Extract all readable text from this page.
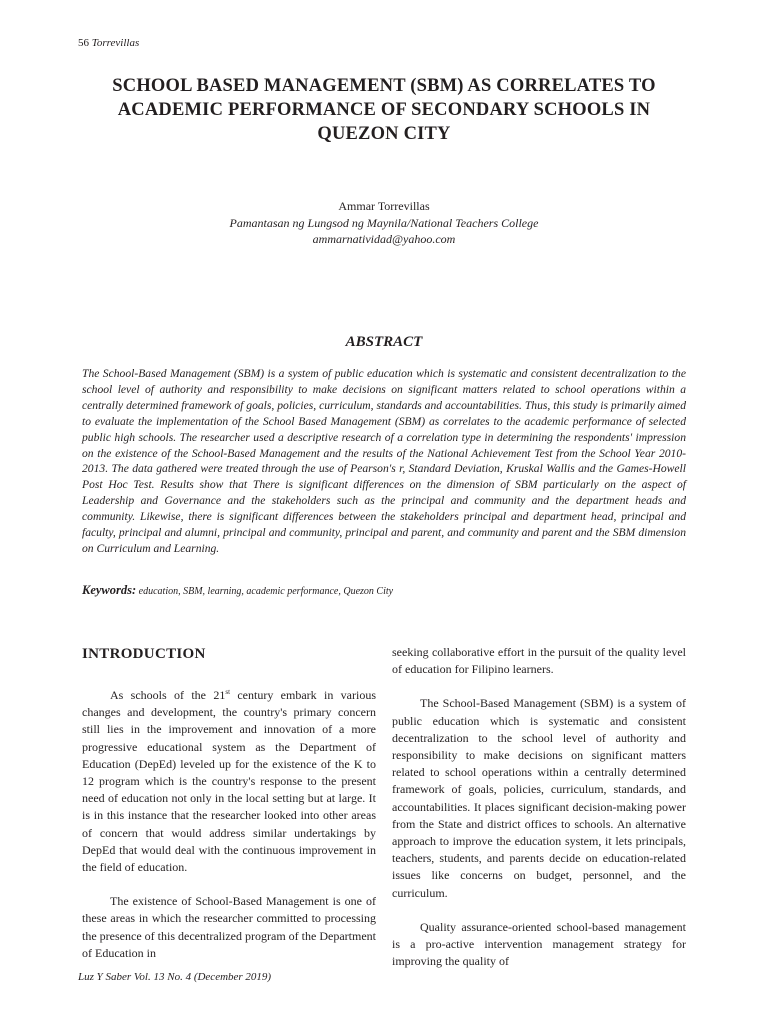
56 Torrevillas
SCHOOL BASED MANAGEMENT (SBM) AS CORRELATES TO ACADEMIC PERFORMANCE OF SECONDARY SCHOOLS IN QUEZON CITY
Ammar Torrevillas
Pamantasan ng Lungsod ng Maynila/National Teachers College
ammarnatividad@yahoo.com
ABSTRACT

The School-Based Management (SBM) is a system of public education which is systematic and consistent decentralization to the school level of authority and responsibility to make decisions on significant matters related to school operations within a centrally determined framework of goals, policies, curriculum, standards and accountabilities. Thus, this study is primarily aimed to evaluate the implementation of the School Based Management (SBM) as correlates to the academic performance of selected public high schools. The researcher used a descriptive research of a correlation type in determining the respondents' impression on the existence of the School-Based Management and the results of the National Achievement Test from the School Year 2010-2013. The data gathered were treated through the use of Pearson's r, Standard Deviation, Kruskal Wallis and the Games-Howell Post Hoc Test. Results show that There is significant differences on the dimension of SBM particularly on the aspect of Leadership and Governance and the stakeholders such as the principal and community and the department heads and community. Likewise, there is significant differences between the stakeholders principal and department head, principal and faculty, principal and alumni, principal and community, principal and parent, and community and parent and the SBM dimension on Curriculum and Learning.

Keywords: education, SBM, learning, academic performance, Quezon City
INTRODUCTION

As schools of the 21st century embark in various changes and development, the country's primary concern still lies in the improvement and innovation of a more progressive educational system as the Department of Education (DepEd) leveled up for the existence of the K to 12 program which is the country's response to the present need of education not only in the local setting but at large. It is in this instance that the researcher looked into other areas of concern that would address similar undertakings by DepEd that would deal with the continuous improvement in the field of education.

The existence of School-Based Management is one of these areas in which the researcher committed to processing the presence of this decentralized program of the Department of Education in

seeking collaborative effort in the pursuit of the quality level of education for Filipino learners.

The School-Based Management (SBM) is a system of public education which is systematic and consistent decentralization to the school level of authority and responsibility to make decisions on significant matters related to school operations within a centrally determined framework of goals, policies, curriculum, standards, and accountabilities. It places significant decision-making power from the State and district offices to schools. An alternative approach to improve the education system, it lets principals, teachers, students, and parents decide on education-related issues like concerns on budget, personnel, and the curriculum.

Quality assurance-oriented school-based management is a pro-active intervention management strategy for improving the quality of

Luz Y Saber Vol. 13 No. 4 (December 2019)
